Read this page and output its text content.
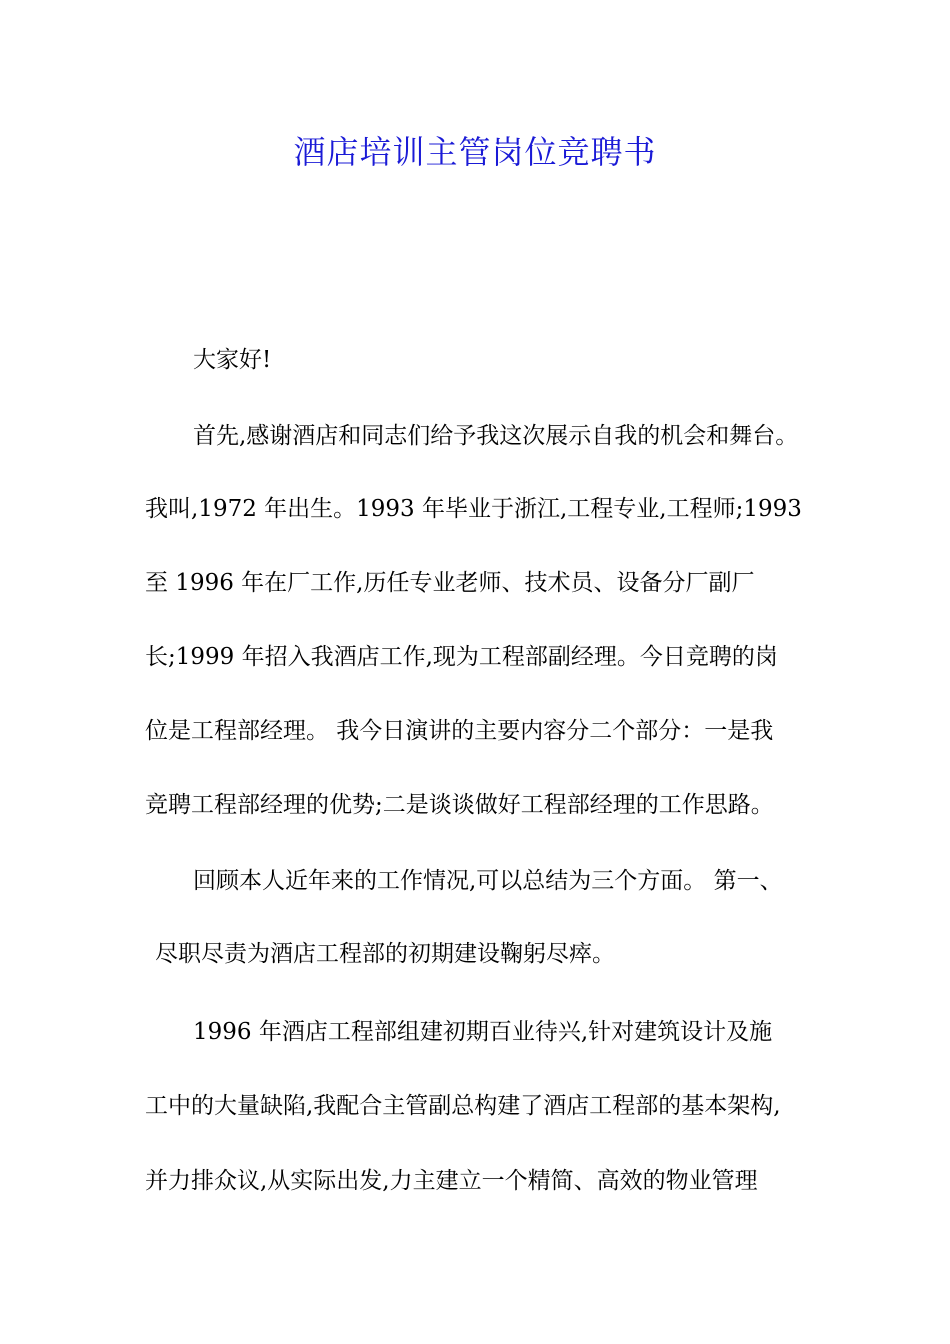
酒店培训主管岗位竞聘书
大家好!
首先,感谢酒店和同志们给予我这次展示自我的机会和舞台。
我叫,1972 年出生。1993 年毕业于浙江,工程专业,工程师;1993
至 1996 年在厂工作,历任专业老师、技术员、设备分厂副厂
长;1999 年招入我酒店工作,现为工程部副经理。今日竞聘的岗
位是工程部经理。 我今日演讲的主要内容分二个部分：一是我
竞聘工程部经理的优势;二是谈谈做好工程部经理的工作思路。
回顾本人近年来的工作情况,可以总结为三个方面。 第一、
尽职尽责为酒店工程部的初期建设鞠躬尽瘁。
1996 年酒店工程部组建初期百业待兴,针对建筑设计及施
工中的大量缺陷,我配合主管副总构建了酒店工程部的基本架构,
并力排众议,从实际出发,力主建立一个精简、高效的物业管理
